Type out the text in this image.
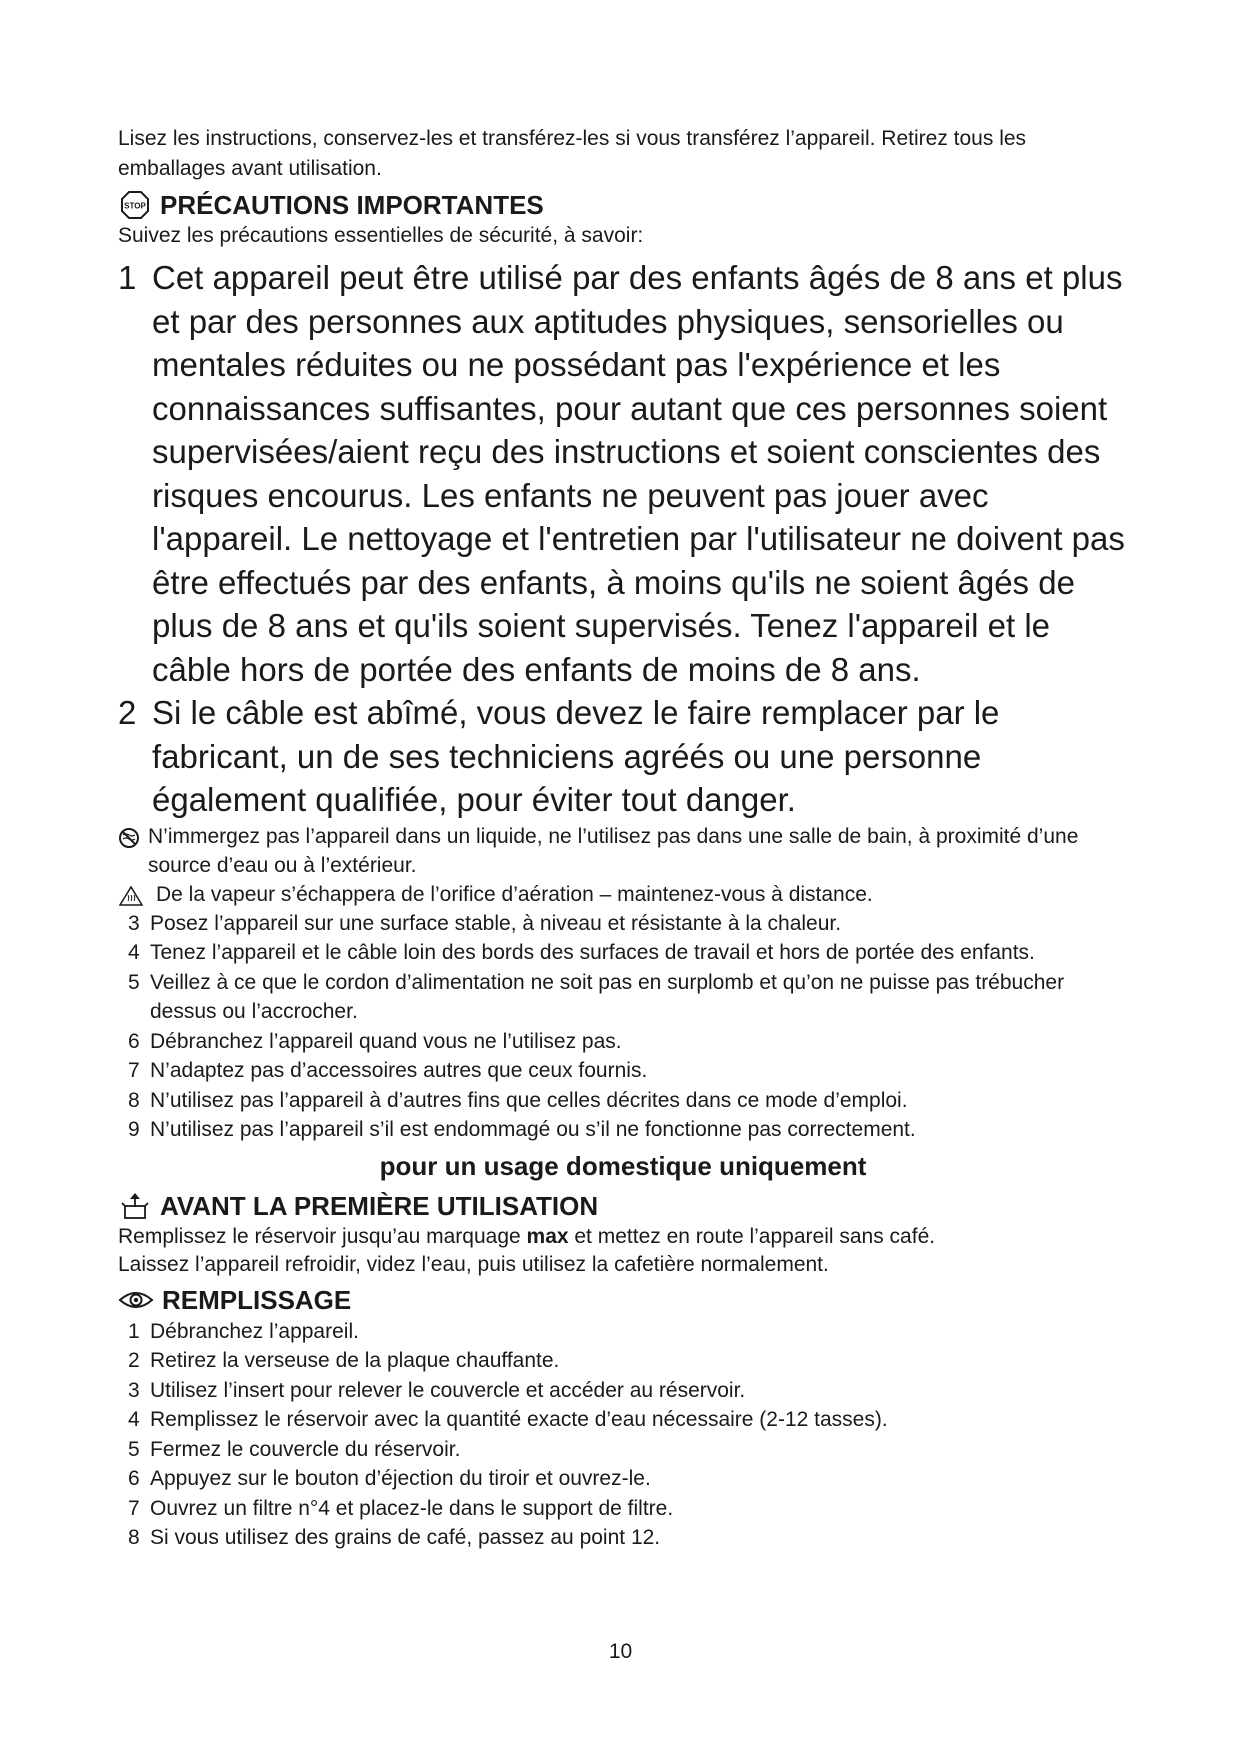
Lisez les instructions, conservez-les et transférez-les si vous transférez l’appareil. Retirez tous les emballages avant utilisation.

STOP PRÉCAUTIONS IMPORTANTES

Suivez les précautions essentielles de sécurité, à savoir:

1 Cet appareil peut être utilisé par des enfants âgés de 8 ans et plus et par des personnes aux aptitudes physiques, sensorielles ou mentales réduites ou ne possédant pas l'expérience et les connaissances suffisantes, pour autant que ces personnes soient supervisées/aient reçu des instructions et soient conscientes des risques encourus. Les enfants ne peuvent pas jouer avec l'appareil. Le nettoyage et l'entretien par l'utilisateur ne doivent pas être effectués par des enfants, à moins qu'ils ne soient âgés de plus de 8 ans et qu'ils soient supervisés. Tenez l'appareil et le câble hors de portée des enfants de moins de 8 ans.
2 Si le câble est abîmé, vous devez le faire remplacer par le fabricant, un de ses techniciens agréés ou une personne également qualifiée, pour éviter tout danger.
N’immergez pas l’appareil dans un liquide, ne l’utilisez pas dans une salle de bain, à proximité d’une source d’eau ou à l’extérieur.
De la vapeur s’échappera de l’orifice d’aération – maintenez-vous à distance.
3 Posez l’appareil sur une surface stable, à niveau et résistante à la chaleur.
4 Tenez l’appareil et le câble loin des bords des surfaces de travail et hors de portée des enfants.
5 Veillez à ce que le cordon d’alimentation ne soit pas en surplomb et qu’on ne puisse pas trébucher dessus ou l’accrocher.
6 Débranchez l’appareil quand vous ne l’utilisez pas.
7 N’adaptez pas d’accessoires autres que ceux fournis.
8 N’utilisez pas l’appareil à d’autres fins que celles décrites dans ce mode d’emploi.
9 N’utilisez pas l’appareil s’il est endommagé ou s’il ne fonctionne pas correctement.

pour un usage domestique uniquement

AVANT LA PREMIÈRE UTILISATION

Remplissez le réservoir jusqu’au marquage max et mettez en route l’appareil sans café.

Laissez l’appareil refroidir, videz l’eau, puis utilisez la cafetière normalement.

REMPLISSAGE
1 Débranchez l’appareil.
2 Retirez la verseuse de la plaque chauffante.
3 Utilisez l’insert pour relever le couvercle et accéder au réservoir.
4 Remplissez le réservoir avec la quantité exacte d’eau nécessaire (2-12 tasses).
5 Fermez le couvercle du réservoir.
6 Appuyez sur le bouton d’éjection du tiroir et ouvrez-le.
7 Ouvrez un filtre n°4 et placez-le dans le support de filtre.
8 Si vous utilisez des grains de café, passez au point 12.
10
